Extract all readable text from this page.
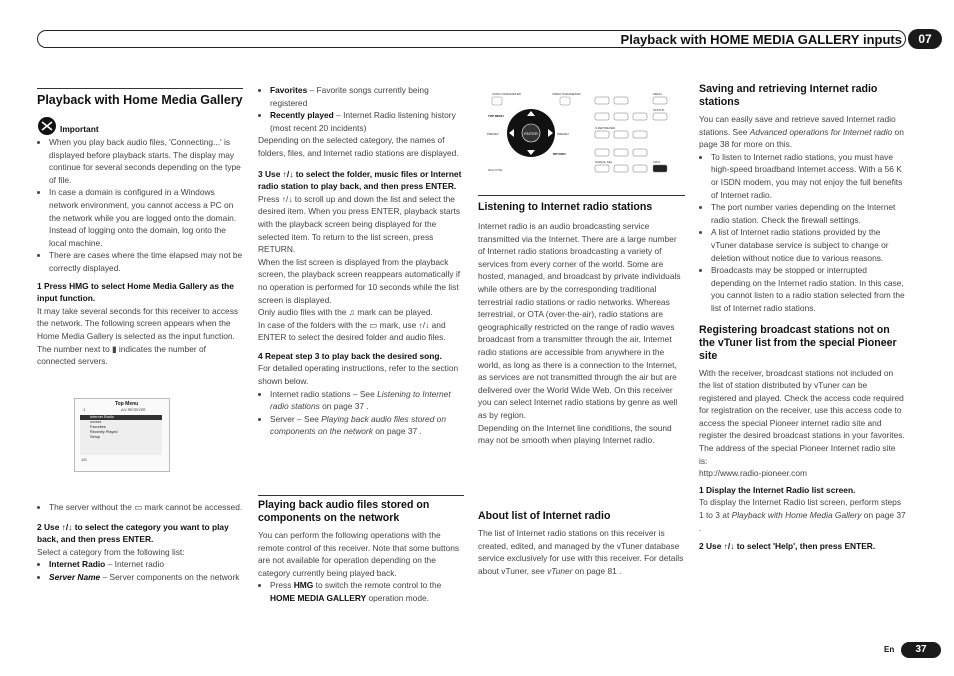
Playback with HOME MEDIA GALLERY inputs	07

Playback with Home Media Gallery

Important
• When you play back audio files, 'Connecting...' is displayed before playback starts. The display may continue for several seconds depending on the type of file.
• In case a domain is configured in a Windows network environment, you cannot access a PC on the network while you are logged onto the domain. Instead of logging onto the domain, log onto the local machine.
• There are cases where the time elapsed may not be correctly displayed.

1 Press HMG to select Home Media Gallery as the input function.

It may take several seconds for this receiver to access the network. The following screen appears when the Home Media Gallery is selected as the input function. The number next to ▮ indicates the number of connected servers.

Top Menu
A/V RECEIVER
1
Internet Radio
xxxxxx
Favorites
Recently Played
Setup
1/5
• The server without the ▭ mark cannot be accessed.

2 Use ↑/↓ to select the category you want to play back, and then press ENTER.

Select a category from the following list:

• Internet Radio – Internet radio
• Server Name – Server components on the network
• Favorites – Favorite songs currently being registered
• Recently played – Internet Radio listening history (most recent 20 incidents)

Depending on the selected category, the names of folders, files, and Internet radio stations are displayed.

3 Use ↑/↓ to select the folder, music files or Internet radio station to play back, and then press ENTER.

Press ↑/↓ to scroll up and down the list and select the desired item. When you press ENTER, playback starts with the playback screen being displayed for the selected item. To return to the list screen, press RETURN.

When the list screen is displayed from the playback screen, the playback screen reappears automatically if no operation is performed for 10 seconds while the list screen is displayed.

Only audio files with the ♫ mark can be played.

In case of the folders with the ▭ mark, use ↑/↓ and ENTER to select the desired folder and audio files.

4 Repeat step 3 to play back the desired song.

For detailed operating instructions, refer to the section shown below.

• Internet radio stations – See Listening to Internet radio stations on page 37 .
• Server – See Playing back audio files stored on components on the network on page 37 .

Playing back audio files stored on components on the network

You can perform the following operations with the remote control of this receiver. Note that some buttons are not available for operation depending on the category currently being played back.

• Press HMG to switch the remote control to the HOME MEDIA GALLERY operation mode.
ENTER
AUDIO PARAMETER	VIDEO PARAMETER
TOP MENU
PRESET	PRESET
RETURN
iPod CTRL
MENU
STATUS
S.RETRIEVER
SIGNAL SEL	INFO

Listening to Internet radio stations

Internet radio is an audio broadcasting service transmitted via the Internet. There are a large number of Internet radio stations broadcasting a variety of services from every corner of the world. Some are hosted, managed, and broadcast by private individuals while others are by the corresponding traditional terrestrial radio stations or radio networks. Whereas terrestrial, or OTA (over-the-air), radio stations are geographically restricted on the range of radio waves broadcast from a transmitter through the air, Internet radio stations are accessible from anywhere in the world, as long as there is a connection to the Internet, as services are not transmitted through the air but are delivered over the World Wide Web. On this receiver you can select Internet radio stations by genre as well as by region.

Depending on the Internet line conditions, the sound may not be smooth when playing Internet radio.

About list of Internet radio

The list of Internet radio stations on this receiver is created, edited, and managed by the vTuner database service exclusively for use with this receiver. For details about vTuner, see vTuner on page 81 .

Saving and retrieving Internet radio stations

You can easily save and retrieve saved Internet radio stations. See Advanced operations for Internet radio on page 38 for more on this.

• To listen to Internet radio stations, you must have high-speed broadband Internet access. With a 56 K or ISDN modem, you may not enjoy the full benefits of Internet radio.
• The port number varies depending on the Internet radio station. Check the firewall settings.
• A list of Internet radio stations provided by the vTuner database service is subject to change or deletion without notice due to various reasons.
• Broadcasts may be stopped or interrupted depending on the Internet radio station. In this case, you cannot listen to a radio station selected from the list of Internet radio stations.

Registering broadcast stations not on the vTuner list from the special Pioneer site

With the receiver, broadcast stations not included on the list of station distributed by vTuner can be registered and played. Check the access code required for registration on the receiver, use this access code to access the special Pioneer internet radio site and register the desired broadcast stations in your favorites. The address of the special Pioneer Internet radio site is:

http://www.radio-pioneer.com

1 Display the Internet Radio list screen.

To display the Internet Radio list screen, perform steps 1 to 3 at Playback with Home Media Gallery on page 37 .

2 Use ↑/↓ to select 'Help', then press ENTER.

En	37
